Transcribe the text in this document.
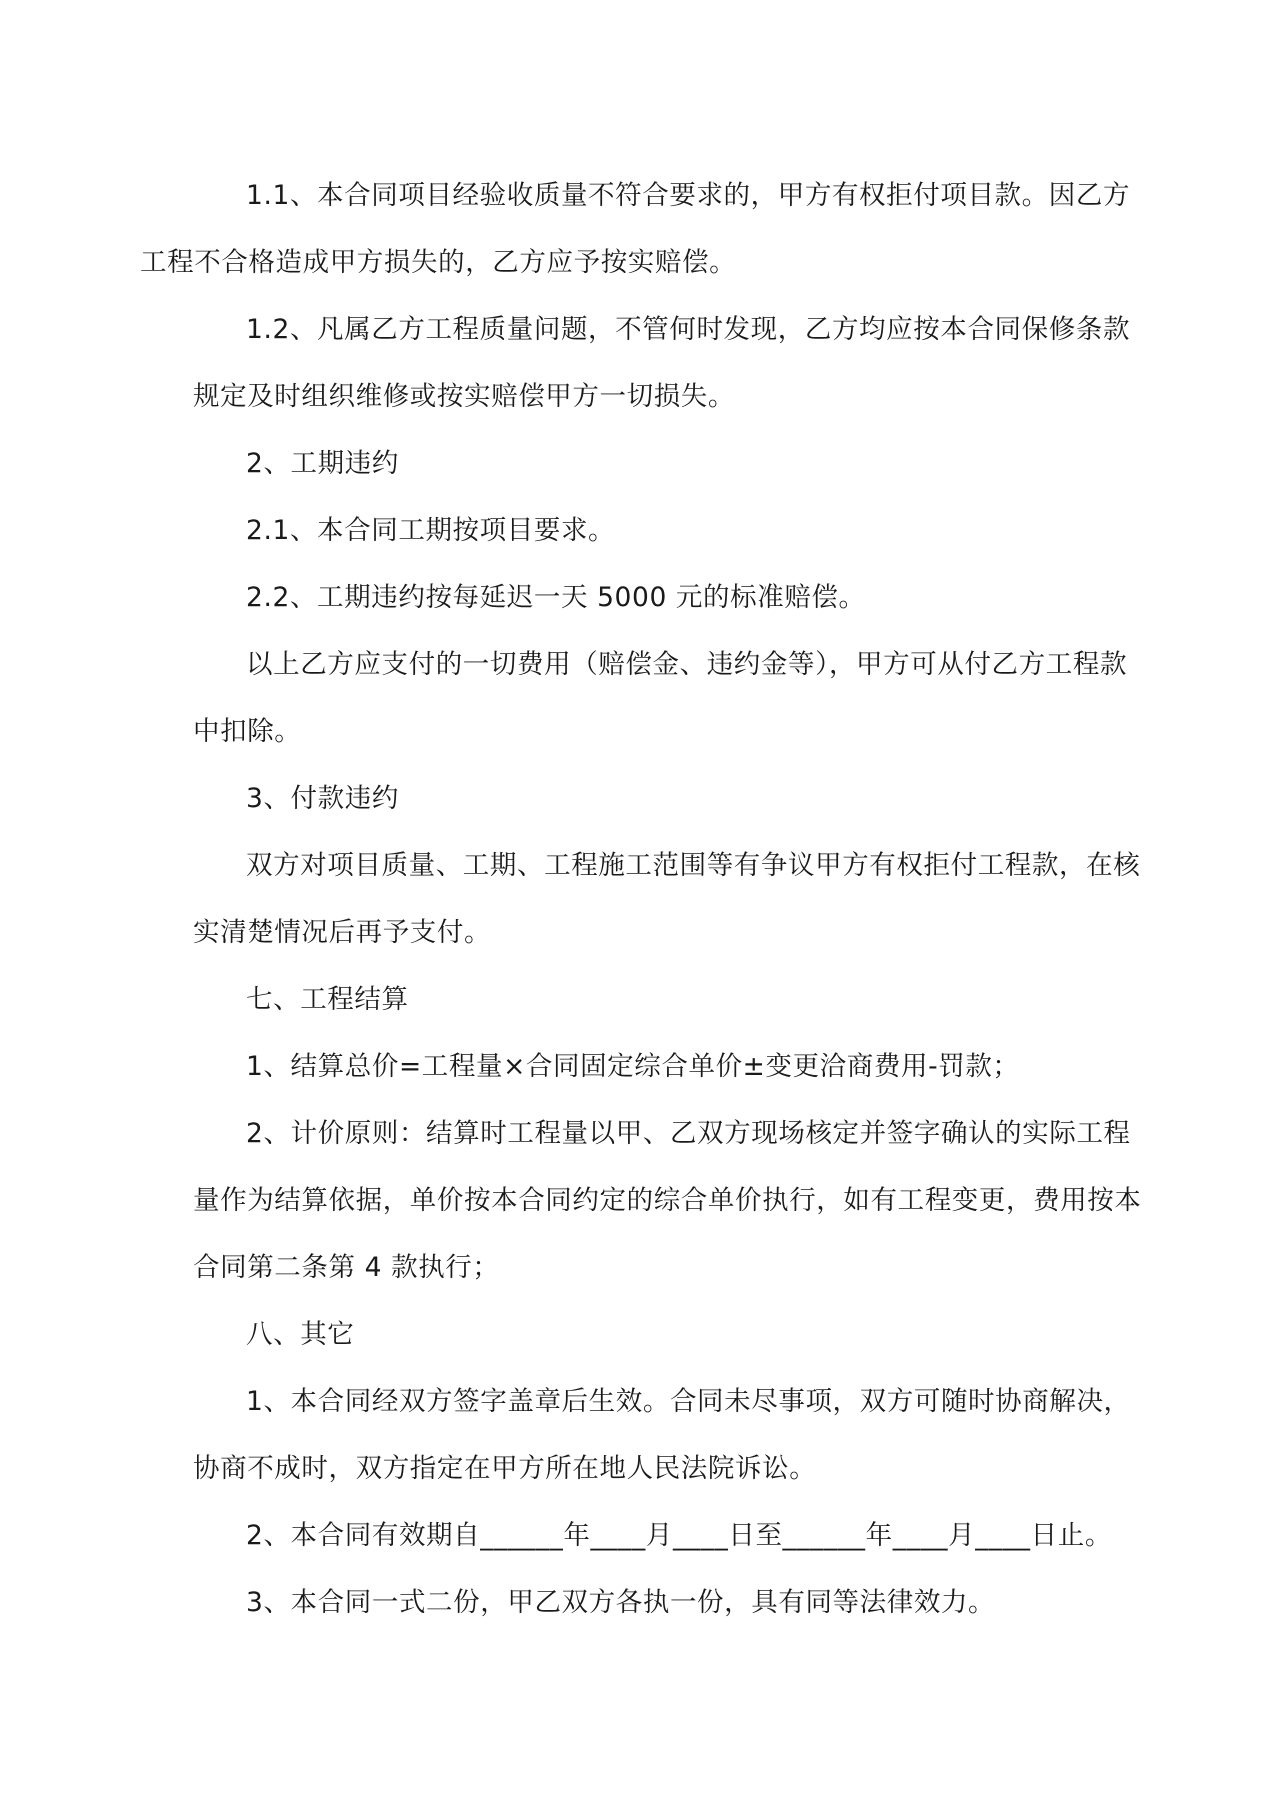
1.1、本合同项目经验收质量不符合要求的，甲方有权拒付项目款。因乙方
工程不合格造成甲方损失的，乙方应予按实赔偿。

1.2、凡属乙方工程质量问题，不管何时发现，乙方均应按本合同保修条款
规定及时组织维修或按实赔偿甲方一切损失。

2、工期违约

2.1、本合同工期按项目要求。

2.2、工期违约按每延迟一天 5000 元的标准赔偿。

以上乙方应支付的一切费用（赔偿金、违约金等），甲方可从付乙方工程款
中扣除。

3、付款违约

双方对项目质量、工期、工程施工范围等有争议甲方有权拒付工程款，在核
实清楚情况后再予支付。

七、工程结算

1、结算总价=工程量×合同固定综合单价±变更洽商费用-罚款；

2、计价原则：结算时工程量以甲、乙双方现场核定并签字确认的实际工程
量作为结算依据，单价按本合同约定的综合单价执行，如有工程变更，费用按本
合同第二条第 4 款执行；

八、其它

1、本合同经双方签字盖章后生效。合同未尽事项，双方可随时协商解决，
协商不成时，双方指定在甲方所在地人民法院诉讼。

2、本合同有效期自______年____月____日至______年____月____日止。

3、本合同一式二份，甲乙双方各执一份，具有同等法律效力。
